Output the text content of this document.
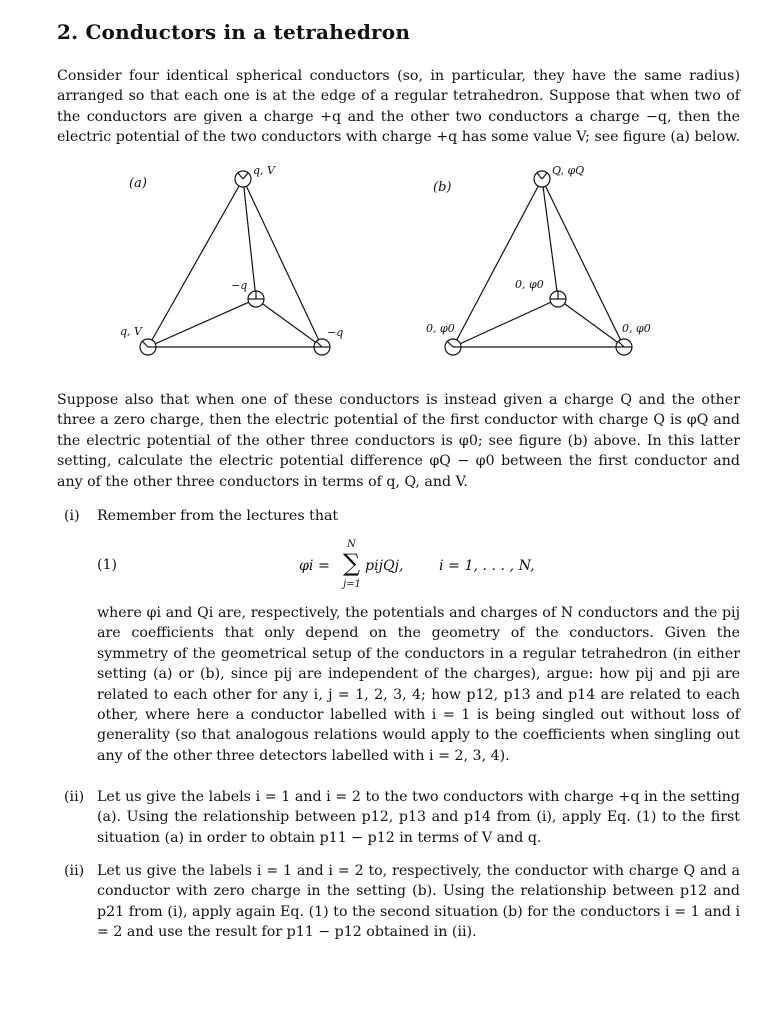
2. Conductors in a tetrahedron
Consider four identical spherical conductors (so, in particular, they have the same radius) arranged so that each one is at the edge of a regular tetrahedron. Suppose that when two of the conductors are given a charge +q and the other two conductors a charge −q, then the electric potential of the two conductors with charge +q has some value V; see figure (a) below.
(a)
q, V
−q
q, V	−q
(b)
Q, φQ
0, φ0
0, φ0	0, φ0
Suppose also that when one of these conductors is instead given a charge Q and the other three a zero charge, then the electric potential of the first conductor with charge Q is φQ and the electric potential of the other three conductors is φ0; see figure (b) above. In this latter setting, calculate the electric potential difference φQ − φ0 between the first conductor and any of the other three conductors in terms of q, Q, and V.
(i)	Remember from the lectures that
(1)	φi =
N
∑
j=1
pijQj, i = 1, . . . , N,
where φi and Qi are, respectively, the potentials and charges of N conductors and the pij are coefficients that only depend on the geometry of the conductors. Given the symmetry of the geometrical setup of the conductors in a regular tetrahedron (in either setting (a) or (b), since pij are independent of the charges), argue: how pij and pji are related to each other for any i, j = 1, 2, 3, 4; how p12, p13 and p14 are related to each other, where here a conductor labelled with i = 1 is being singled out without loss of generality (so that analogous relations would apply to the coefficients when singling out any of the other three detectors labelled with i = 2, 3, 4).
(ii) Let us give the labels i = 1 and i = 2 to the two conductors with charge +q in the setting (a). Using the relationship between p12, p13 and p14 from (i), apply Eq. (1) to the first situation (a) in order to obtain p11 − p12 in terms of V and q.
(ii) Let us give the labels i = 1 and i = 2 to, respectively, the conductor with charge Q and a conductor with zero charge in the setting (b). Using the relationship between p12 and p21 from (i), apply again Eq. (1) to the second situation (b) for the conductors i = 1 and i = 2 and use the result for p11 − p12 obtained in (ii).
